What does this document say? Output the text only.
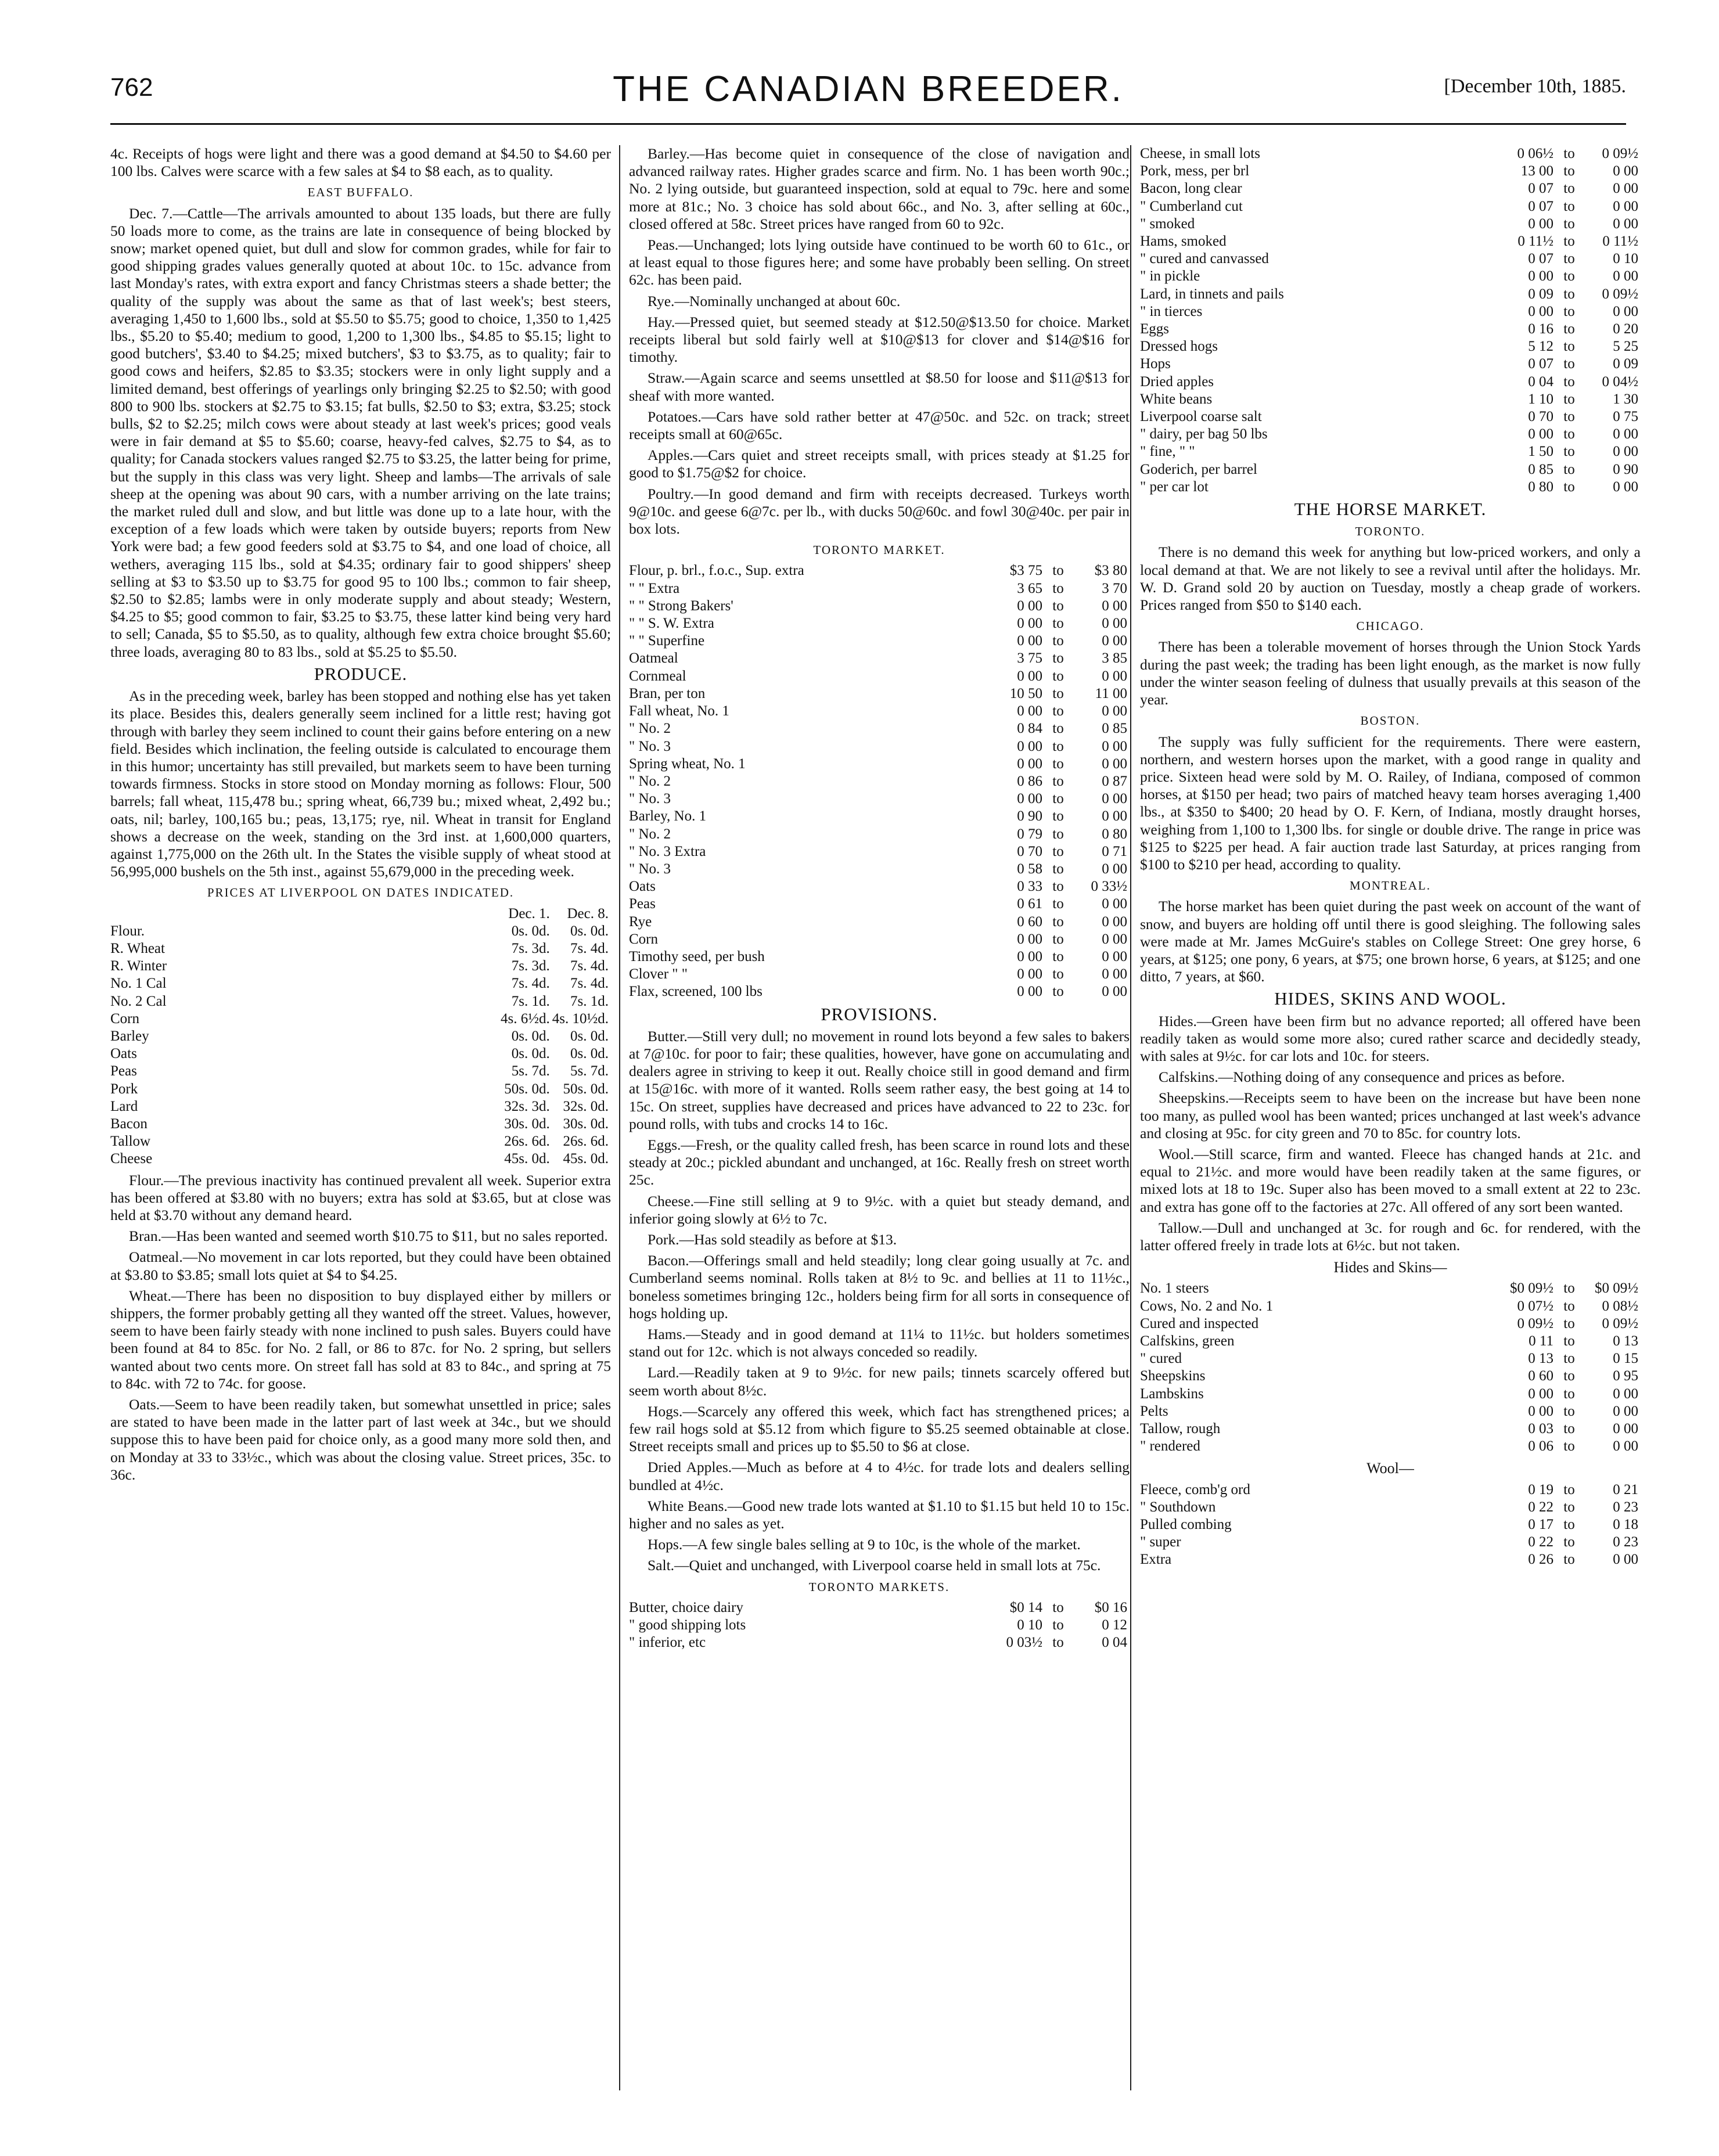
762	THE CANADIAN BREEDER.	[December 10th, 1885.

4c. Receipts of hogs were light and there was a good demand at $4.50 to $4.60 per 100 lbs. Calves were scarce with a few sales at $4 to $8 each, as to quality.

EAST BUFFALO.

Dec. 7.—Cattle—The arrivals amounted to about 135 loads, but there are fully 50 loads more to come, as the trains are late in consequence of being blocked by snow; market opened quiet, but dull and slow for common grades, while for fair to good shipping grades values generally quoted at about 10c. to 15c. advance from last Monday's rates, with extra export and fancy Christmas steers a shade better; the quality of the supply was about the same as that of last week's; best steers, averaging 1,450 to 1,600 lbs., sold at $5.50 to $5.75; good to choice, 1,350 to 1,425 lbs., $5.20 to $5.40; medium to good, 1,200 to 1,300 lbs., $4.85 to $5.15; light to good butchers', $3.40 to $4.25; mixed butchers', $3 to $3.75, as to quality; fair to good cows and heifers, $2.85 to $3.35; stockers were in only light supply and a limited demand, best offerings of yearlings only bringing $2.25 to $2.50; with good 800 to 900 lbs. stockers at $2.75 to $3.15; fat bulls, $2.50 to $3; extra, $3.25; stock bulls, $2 to $2.25; milch cows were about steady at last week's prices; good veals were in fair demand at $5 to $5.60; coarse, heavy-fed calves, $2.75 to $4, as to quality; for Canada stockers values ranged $2.75 to $3.25, the latter being for prime, but the supply in this class was very light. Sheep and lambs—The arrivals of sale sheep at the opening was about 90 cars, with a number arriving on the late trains; the market ruled dull and slow, and but little was done up to a late hour, with the exception of a few loads which were taken by outside buyers; reports from New York were bad; a few good feeders sold at $3.75 to $4, and one load of choice, all wethers, averaging 115 lbs., sold at $4.35; ordinary fair to good shippers' sheep selling at $3 to $3.50 up to $3.75 for good 95 to 100 lbs.; common to fair sheep, $2.50 to $2.85; lambs were in only moderate supply and about steady; Western, $4.25 to $5; good common to fair, $3.25 to $3.75, these latter kind being very hard to sell; Canada, $5 to $5.50, as to quality, although few extra choice brought $5.60; three loads, averaging 80 to 83 lbs., sold at $5.25 to $5.50.

PRODUCE.

As in the preceding week, barley has been stopped and nothing else has yet taken its place. Besides this, dealers generally seem inclined for a little rest; having got through with barley they seem inclined to count their gains before entering on a new field. Besides which inclination, the feeling outside is calculated to encourage them in this humor; uncertainty has still prevailed, but markets seem to have been turning towards firmness. Stocks in store stood on Monday morning as follows: Flour, 500 barrels; fall wheat, 115,478 bu.; spring wheat, 66,739 bu.; mixed wheat, 2,492 bu.; oats, nil; barley, 100,165 bu.; peas, 13,175; rye, nil. Wheat in transit for England shows a decrease on the week, standing on the 3rd inst. at 1,600,000 quarters, against 1,775,000 on the 26th ult. In the States the visible supply of wheat stood at 56,995,000 bushels on the 5th inst., against 55,679,000 in the preceding week.

PRICES AT LIVERPOOL ON DATES INDICATED.
	Dec. 1.	Dec. 8.
Flour.	0s. 0d.	0s. 0d.
R. Wheat	7s. 3d.	7s. 4d.
R. Winter	7s. 3d.	7s. 4d.
No. 1 Cal	7s. 4d.	7s. 4d.
No. 2 Cal	7s. 1d.	7s. 1d.
Corn	4s. 6½d.	4s. 10½d.
Barley	0s. 0d.	0s. 0d.
Oats	0s. 0d.	0s. 0d.
Peas	5s. 7d.	5s. 7d.
Pork	50s. 0d.	50s. 0d.
Lard	32s. 3d.	32s. 0d.
Bacon	30s. 0d.	30s. 0d.
Tallow	26s. 6d.	26s. 6d.
Cheese	45s. 0d.	45s. 0d.

Flour.—The previous inactivity has continued prevalent all week. Superior extra has been offered at $3.80 with no buyers; extra has sold at $3.65, but at close was held at $3.70 without any demand heard.

Bran.—Has been wanted and seemed worth $10.75 to $11, but no sales reported.

Oatmeal.—No movement in car lots reported, but they could have been obtained at $3.80 to $3.85; small lots quiet at $4 to $4.25.

Wheat.—There has been no disposition to buy displayed either by millers or shippers, the former probably getting all they wanted off the street. Values, however, seem to have been fairly steady with none inclined to push sales. Buyers could have been found at 84 to 85c. for No. 2 fall, or 86 to 87c. for No. 2 spring, but sellers wanted about two cents more. On street fall has sold at 83 to 84c., and spring at 75 to 84c. with 72 to 74c. for goose.

Oats.—Seem to have been readily taken, but somewhat unsettled in price; sales are stated to have been made in the latter part of last week at 34c., but we should suppose this to have been paid for choice only, as a good many more sold then, and on Monday at 33 to 33½c., which was about the closing value. Street prices, 35c. to 36c.

Barley.—Has become quiet in consequence of the close of navigation and advanced railway rates. Higher grades scarce and firm. No. 1 has been worth 90c.; No. 2 lying outside, but guaranteed inspection, sold at equal to 79c. here and some more at 81c.; No. 3 choice has sold about 66c., and No. 3, after selling at 60c., closed offered at 58c. Street prices have ranged from 60 to 92c.

Peas.—Unchanged; lots lying outside have continued to be worth 60 to 61c., or at least equal to those figures here; and some have probably been selling. On street 62c. has been paid.

Rye.—Nominally unchanged at about 60c.

Hay.—Pressed quiet, but seemed steady at $12.50@$13.50 for choice. Market receipts liberal but sold fairly well at $10@$13 for clover and $14@$16 for timothy.

Straw.—Again scarce and seems unsettled at $8.50 for loose and $11@$13 for sheaf with more wanted.

Potatoes.—Cars have sold rather better at 47@50c. and 52c. on track; street receipts small at 60@65c.

Apples.—Cars quiet and street receipts small, with prices steady at $1.25 for good to $1.75@$2 for choice.

Poultry.—In good demand and firm with receipts decreased. Turkeys worth 9@10c. and geese 6@7c. per lb., with ducks 50@60c. and fowl 30@40c. per pair in box lots.

TORONTO MARKET.
Flour, p. brl., f.o.c., Sup. extra	$3 75	to	$3 80
" " Extra	3 65	to	3 70
" " Strong Bakers'	0 00	to	0 00
" " S. W. Extra	0 00	to	0 00
" " Superfine	0 00	to	0 00
Oatmeal	3 75	to	3 85
Cornmeal	0 00	to	0 00
Bran, per ton	10 50	to	11 00
Fall wheat, No. 1	0 00	to	0 00
" No. 2	0 84	to	0 85
" No. 3	0 00	to	0 00
Spring wheat, No. 1	0 00	to	0 00
" No. 2	0 86	to	0 87
" No. 3	0 00	to	0 00
Barley, No. 1	0 90	to	0 00
" No. 2	0 79	to	0 80
" No. 3 Extra	0 70	to	0 71
" No. 3	0 58	to	0 00
Oats	0 33	to	0 33½
Peas	0 61	to	0 00
Rye	0 60	to	0 00
Corn	0 00	to	0 00
Timothy seed, per bush	0 00	to	0 00
Clover " "	0 00	to	0 00
Flax, screened, 100 lbs	0 00	to	0 00
PROVISIONS.

Butter.—Still very dull; no movement in round lots beyond a few sales to bakers at 7@10c. for poor to fair; these qualities, however, have gone on accumulating and dealers agree in striving to keep it out. Really choice still in good demand and firm at 15@16c. with more of it wanted. Rolls seem rather easy, the best going at 14 to 15c. On street, supplies have decreased and prices have advanced to 22 to 23c. for pound rolls, with tubs and crocks 14 to 16c.

Eggs.—Fresh, or the quality called fresh, has been scarce in round lots and these steady at 20c.; pickled abundant and unchanged, at 16c. Really fresh on street worth 25c.

Cheese.—Fine still selling at 9 to 9½c. with a quiet but steady demand, and inferior going slowly at 6½ to 7c.

Pork.—Has sold steadily as before at $13.

Bacon.—Offerings small and held steadily; long clear going usually at 7c. and Cumberland seems nominal. Rolls taken at 8½ to 9c. and bellies at 11 to 11½c., boneless sometimes bringing 12c., holders being firm for all sorts in consequence of hogs holding up.

Hams.—Steady and in good demand at 11¼ to 11½c. but holders sometimes stand out for 12c. which is not always conceded so readily.

Lard.—Readily taken at 9 to 9½c. for new pails; tinnets scarcely offered but seem worth about 8½c.

Hogs.—Scarcely any offered this week, which fact has strengthened prices; a few rail hogs sold at $5.12 from which figure to $5.25 seemed obtainable at close. Street receipts small and prices up to $5.50 to $6 at close.

Dried Apples.—Much as before at 4 to 4½c. for trade lots and dealers selling bundled at 4½c.

White Beans.—Good new trade lots wanted at $1.10 to $1.15 but held 10 to 15c. higher and no sales as yet.

Hops.—A few single bales selling at 9 to 10c, is the whole of the market.

Salt.—Quiet and unchanged, with Liverpool coarse held in small lots at 75c.

TORONTO MARKETS.
Butter, choice dairy	$0 14	to	$0 16
" good shipping lots	0 10	to	0 12
" inferior, etc	0 03½	to	0 04
Cheese, in small lots	0 06½	to	0 09½
Pork, mess, per brl	13 00	to	0 00
Bacon, long clear	0 07	to	0 00
" Cumberland cut	0 07	to	0 00
" smoked	0 00	to	0 00
Hams, smoked	0 11½	to	0 11½
" cured and canvassed	0 07	to	0 10
" in pickle	0 00	to	0 00
Lard, in tinnets and pails	0 09	to	0 09½
" in tierces	0 00	to	0 00
Eggs	0 16	to	0 20
Dressed hogs	5 12	to	5 25
Hops	0 07	to	0 09
Dried apples	0 04	to	0 04½
White beans	1 10	to	1 30
Liverpool coarse salt	0 70	to	0 75
" dairy, per bag 50 lbs	0 00	to	0 00
" fine, " "	1 50	to	0 00
Goderich, per barrel	0 85	to	0 90
" per car lot	0 80	to	0 00
THE HORSE MARKET.
TORONTO.

There is no demand this week for anything but low-priced workers, and only a local demand at that. We are not likely to see a revival until after the holidays. Mr. W. D. Grand sold 20 by auction on Tuesday, mostly a cheap grade of workers. Prices ranged from $50 to $140 each.

CHICAGO.

There has been a tolerable movement of horses through the Union Stock Yards during the past week; the trading has been light enough, as the market is now fully under the winter season feeling of dulness that usually prevails at this season of the year.

BOSTON.

The supply was fully sufficient for the requirements. There were eastern, northern, and western horses upon the market, with a good range in quality and price. Sixteen head were sold by M. O. Railey, of Indiana, composed of common horses, at $150 per head; two pairs of matched heavy team horses averaging 1,400 lbs., at $350 to $400; 20 head by O. F. Kern, of Indiana, mostly draught horses, weighing from 1,100 to 1,300 lbs. for single or double drive. The range in price was $125 to $225 per head. A fair auction trade last Saturday, at prices ranging from $100 to $210 per head, according to quality.

MONTREAL.

The horse market has been quiet during the past week on account of the want of snow, and buyers are holding off until there is good sleighing. The following sales were made at Mr. James McGuire's stables on College Street: One grey horse, 6 years, at $125; one pony, 6 years, at $75; one brown horse, 6 years, at $125; and one ditto, 7 years, at $60.

HIDES, SKINS AND WOOL.

Hides.—Green have been firm but no advance reported; all offered have been readily taken as would some more also; cured rather scarce and decidedly steady, with sales at 9½c. for car lots and 10c. for steers.

Calfskins.—Nothing doing of any consequence and prices as before.

Sheepskins.—Receipts seem to have been on the increase but have been none too many, as pulled wool has been wanted; prices unchanged at last week's advance and closing at 95c. for city green and 70 to 85c. for country lots.

Wool.—Still scarce, firm and wanted. Fleece has changed hands at 21c. and equal to 21½c. and more would have been readily taken at the same figures, or mixed lots at 18 to 19c. Super also has been moved to a small extent at 22 to 23c. and extra has gone off to the factories at 27c. All offered of any sort been wanted.

Tallow.—Dull and unchanged at 3c. for rough and 6c. for rendered, with the latter offered freely in trade lots at 6½c. but not taken.

Hides and Skins—
No. 1 steers	$0 09½	to	$0 09½
Cows, No. 2 and No. 1	0 07½	to	0 08½
Cured and inspected	0 09½	to	0 09½
Calfskins, green	0 11	to	0 13
" cured	0 13	to	0 15
Sheepskins	0 60	to	0 95
Lambskins	0 00	to	0 00
Pelts	0 00	to	0 00
Tallow, rough	0 03	to	0 00
" rendered	0 06	to	0 00
Wool—
Fleece, comb'g ord	0 19	to	0 21
" Southdown	0 22	to	0 23
Pulled combing	0 17	to	0 18
" super	0 22	to	0 23
Extra	0 26	to	0 00
